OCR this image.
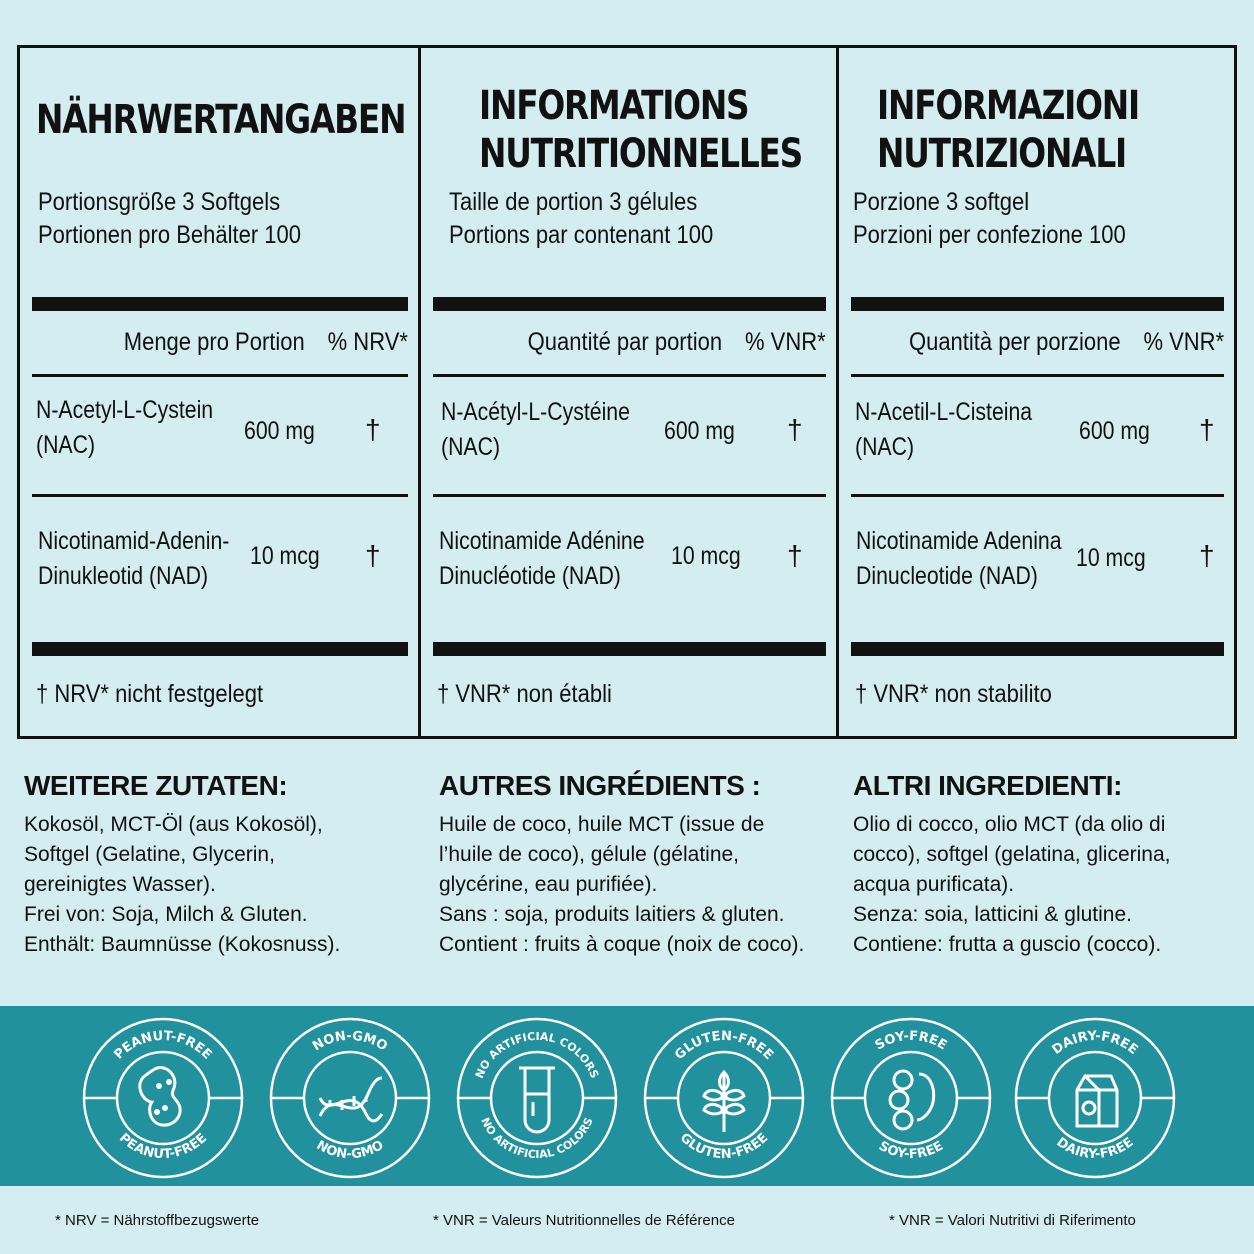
NÄHRWERTANGABEN
Portionsgröße 3 Softgels
Portionen pro Behälter 100
Menge pro Portion % NRV*
N-Acetyl-L-Cystein
(NAC)	600 mg †
Nicotinamid-Adenin-
Dinukleotid (NAD)
10 mcg †
† NRV* nicht festgelegt
INFORMATIONS
NUTRITIONNELLES
Taille de portion 3 gélules
Portions par contenant 100
Quantité par portion % VNR*
N-Acétyl-L-Cystéine
(NAC)
600 mg †
Nicotinamide Adénine
Dinucléotide (NAD)
10 mcg †
† VNR* non établi
INFORMAZIONI
NUTRIZIONALI
Porzione 3 softgel
Porzioni per confezione 100
Quantità per porzione % VNR*
N-Acetil-L-Cisteina
(NAC)
600 mg †
Nicotinamide Adenina
Dinucleotide (NAD)
10 mcg †
† VNR* non stabilito
WEITERE ZUTATEN:

Kokosöl, MCT-Öl (aus Kokosöl),

Softgel (Gelatine, Glycerin,

gereinigtes Wasser).

Frei von: Soja, Milch & Gluten.

Enthält: Baumnüsse (Kokosnuss).

AUTRES INGRÉDIENTS :

Huile de coco, huile MCT (issue de

l’huile de coco), gélule (gélatine,

glycérine, eau purifiée).

Sans : soja, produits laitiers & gluten.

Contient : fruits à coque (noix de coco).

ALTRI INGREDIENTI:

Olio di cocco, olio MCT (da olio di

cocco), softgel (gelatina, glicerina,

acqua purificata).

Senza: soia, latticini & glutine.

Contiene: frutta a guscio (cocco).

PEANUT-FREE
PEANUT-FREE
NON-GMO
NON-GMO
NO ARTIFICIAL COLORS
NO ARTIFICIAL COLORS
GLUTEN-FREE
GLUTEN-FREE
SOY-FREE
SOY-FREE
DAIRY-FREE
DAIRY-FREE
* NRV = Nährstoffbezugswerte	* VNR = Valeurs Nutritionnelles de Référence	* VNR = Valori Nutritivi di Riferimento
